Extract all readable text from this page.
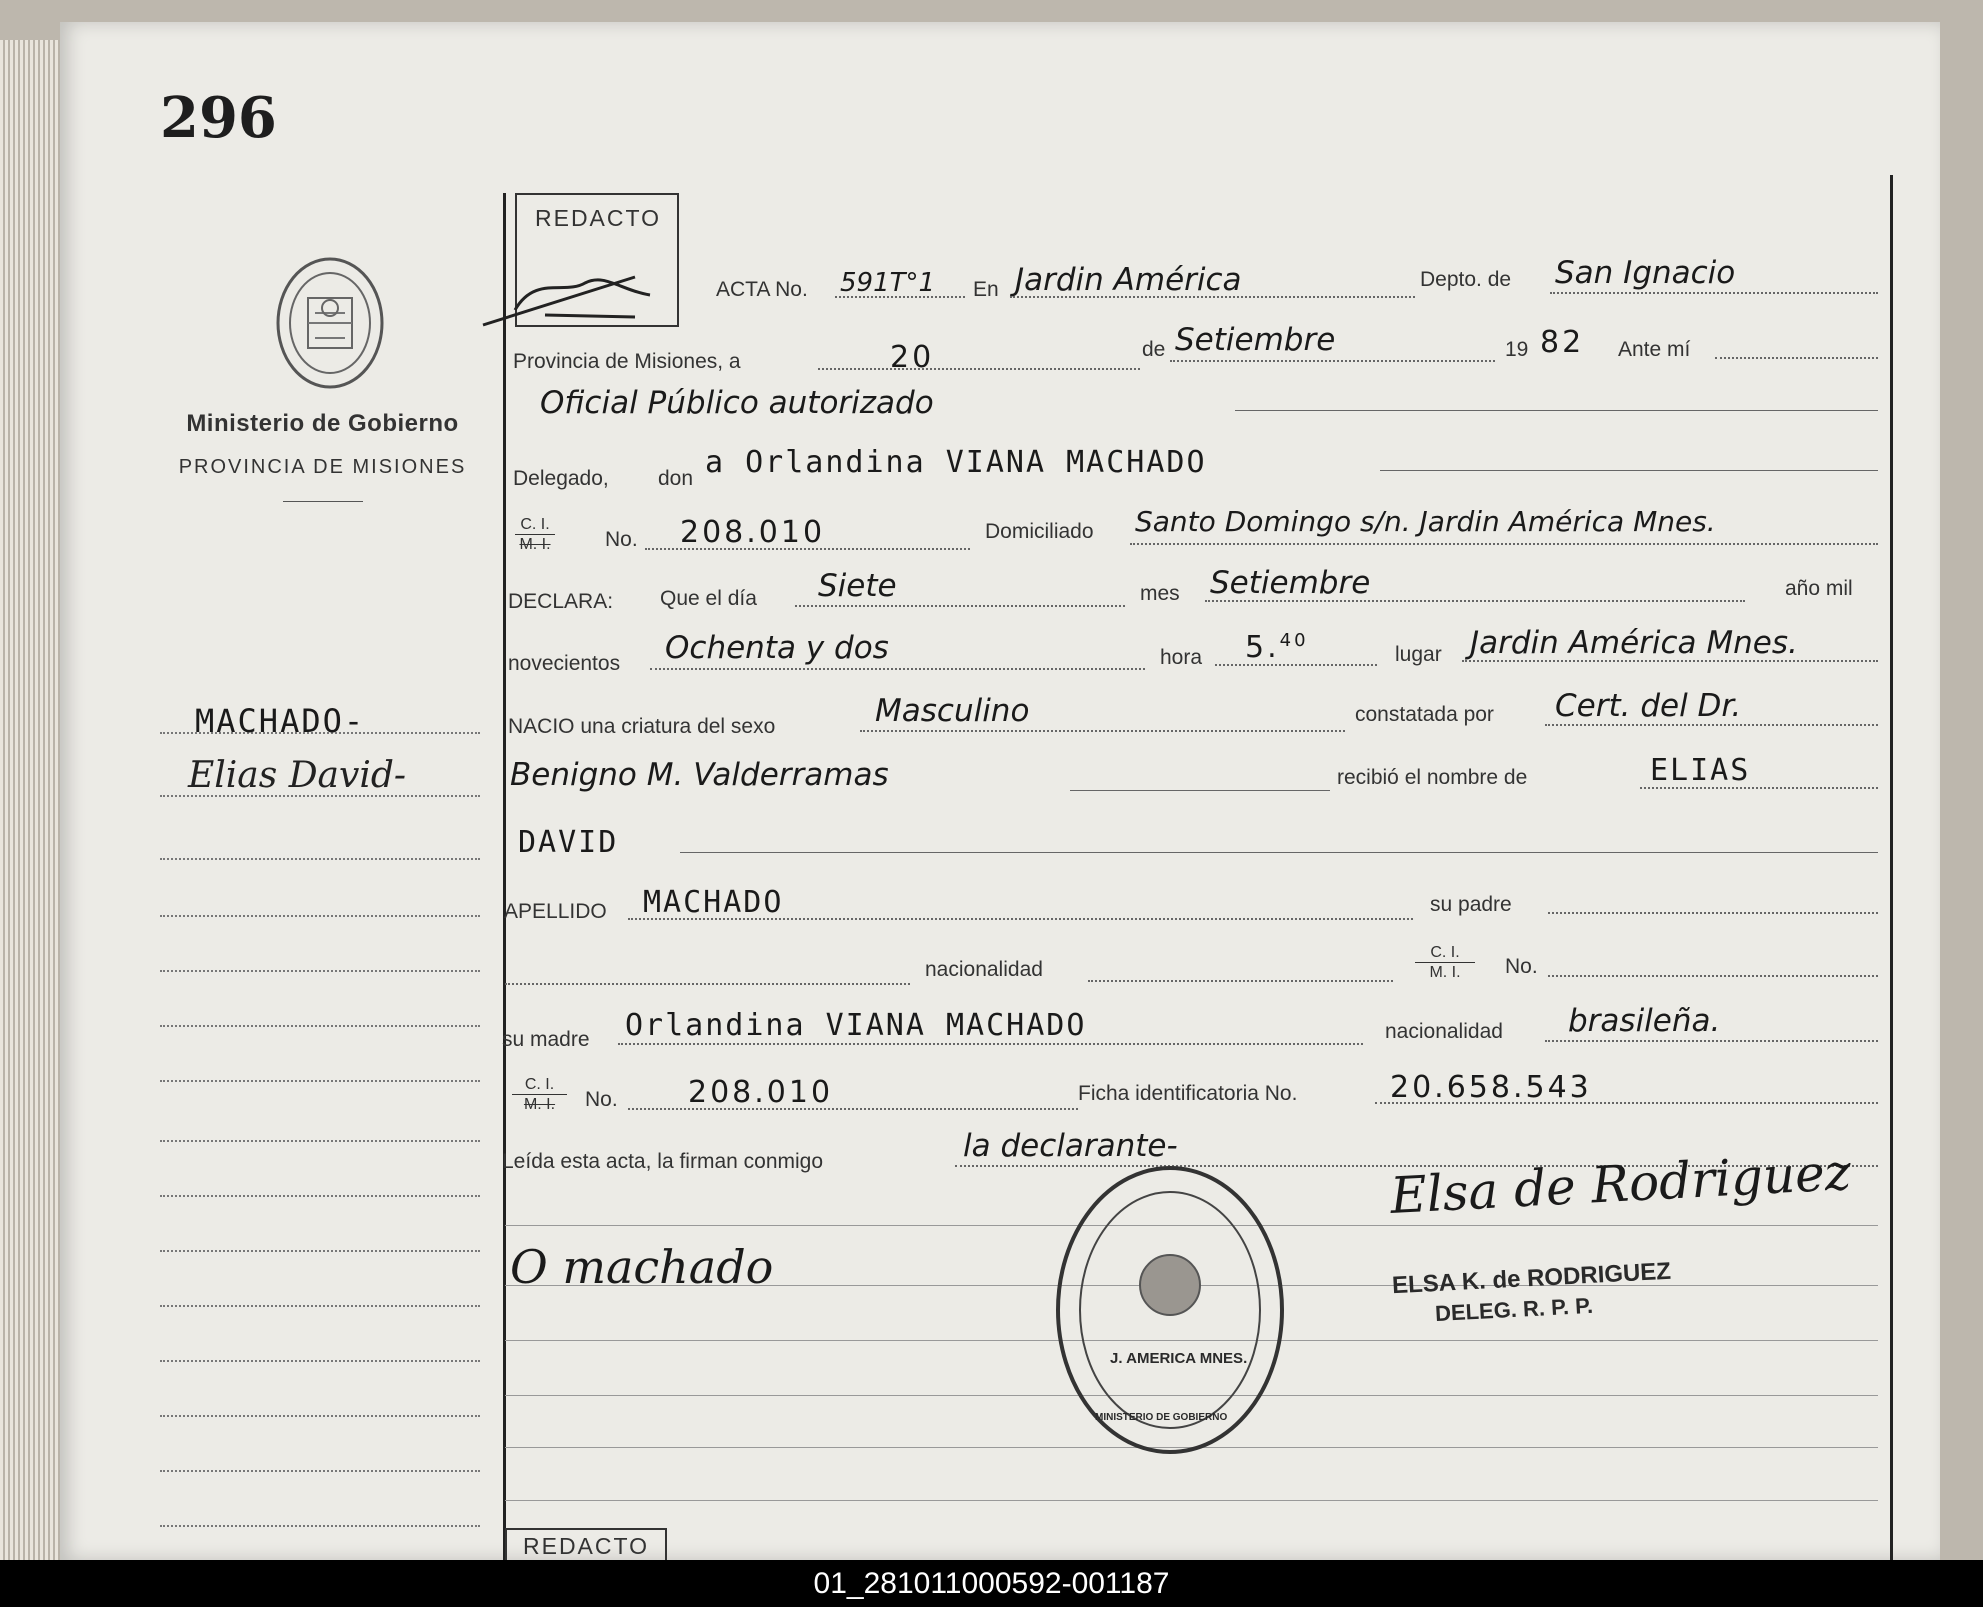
296
Ministerio de Gobierno
PROVINCIA DE MISIONES
MACHADO-
Elias David-
REDACTO
ACTA No. 591T°1 En Jardin América	Depto. de San Ignacio
Provincia de Misiones, a	20	de Setiembre	19 82 Ante mí
Oficial Público autorizado
Delegado, don a Orlandina VIANA MACHADO
C. I.
M. I.	No. 208.010	Domiciliado Santo Domingo s/n. Jardin América Mnes.
DECLARA: Que el día Siete	mes Setiembre	año mil
novecientos Ochenta y dos	hora 5.40
lugar Jardin América Mnes.
NACIO una criatura del sexo	Masculino	constatada por Cert. del Dr.
Benigno M. Valderramas	recibió el nombre de	ELIAS
DAVID
APELLIDO MACHADO	su padre
nacionalidad
C. I.
M. I.	No.
su madre Orlandina VIANA MACHADO	nacionalidad brasileña.
C. I.
M. I.	No. 208.010	Ficha identificatoria No.	20.658.543
Leída esta acta, la firman conmigo	la declarante-
O machado
Elsa de Rodriguez
ELSA K. de RODRIGUEZ
DELEG. R. P. P.
J. AMERICA MNES.
MINISTERIO DE GOBIERNO
REDACTO
01_281011000592-001187
